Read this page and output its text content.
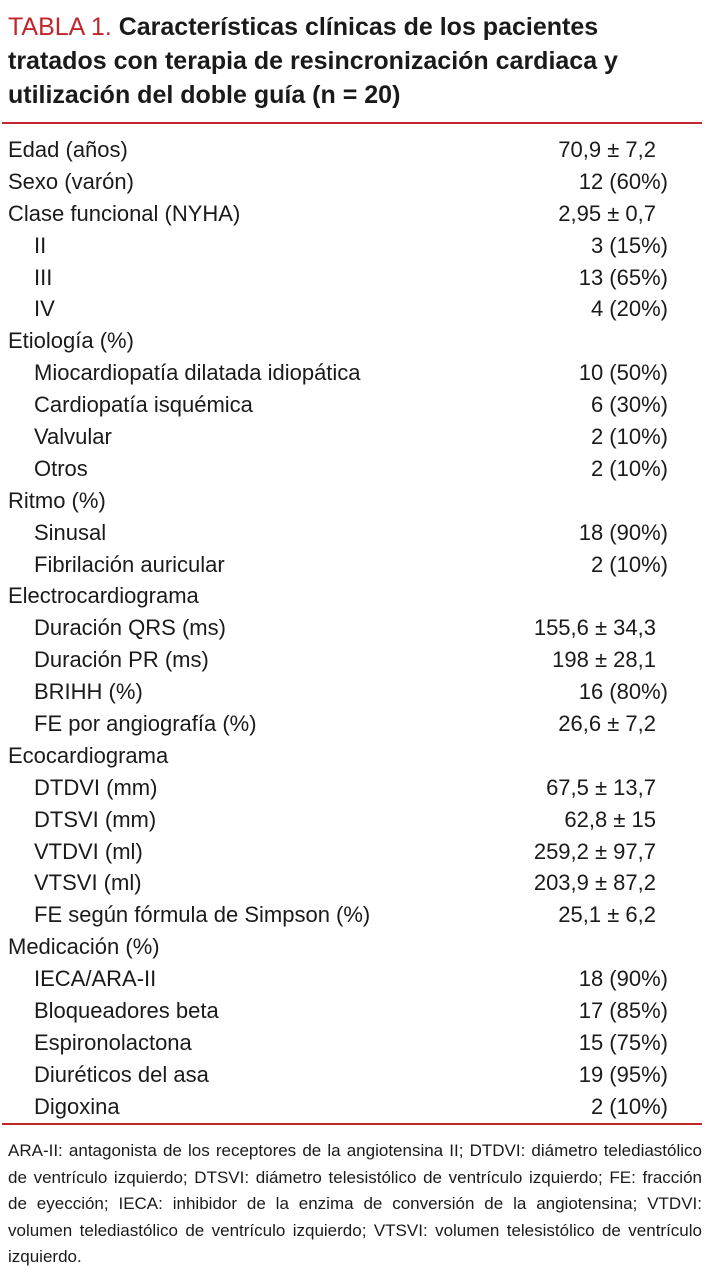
TABLA 1. Características clínicas de los pacientes tratados con terapia de resincronización cardiaca y utilización del doble guía (n = 20)
Edad (años)	70,9 ± 7,2
Sexo (varón)	12 (60%)
Clase funcional (NYHA)	2,95 ± 0,7
II	3 (15%)
III	13 (65%)
IV	4 (20%)
Etiología (%)
Miocardiopatía dilatada idiopática	10 (50%)
Cardiopatía isquémica	6 (30%)
Valvular	2 (10%)
Otros	2 (10%)
Ritmo (%)
Sinusal	18 (90%)
Fibrilación auricular	2 (10%)
Electrocardiograma
Duración QRS (ms)	155,6 ± 34,3
Duración PR (ms)	198 ± 28,1
BRIHH (%)	16 (80%)
FE por angiografía (%)	26,6 ± 7,2
Ecocardiograma
DTDVI (mm)	67,5 ± 13,7
DTSVI (mm)	62,8 ± 15
VTDVI (ml)	259,2 ± 97,7
VTSVI (ml)	203,9 ± 87,2
FE según fórmula de Simpson (%)	25,1 ± 6,2
Medicación (%)
IECA/ARA-II	18 (90%)
Bloqueadores beta	17 (85%)
Espironolactona	15 (75%)
Diuréticos del asa	19 (95%)
Digoxina	2 (10%)
ARA-II: antagonista de los receptores de la angiotensina II; DTDVI: diámetro telediastólico de ventrículo izquierdo; DTSVI: diámetro telesistólico de ventrículo izquierdo; FE: fracción de eyección; IECA: inhibidor de la enzima de conversión de la angiotensina; VTDVI: volumen telediastólico de ventrículo izquierdo; VTSVI: volumen telesistólico de ventrículo izquierdo.
